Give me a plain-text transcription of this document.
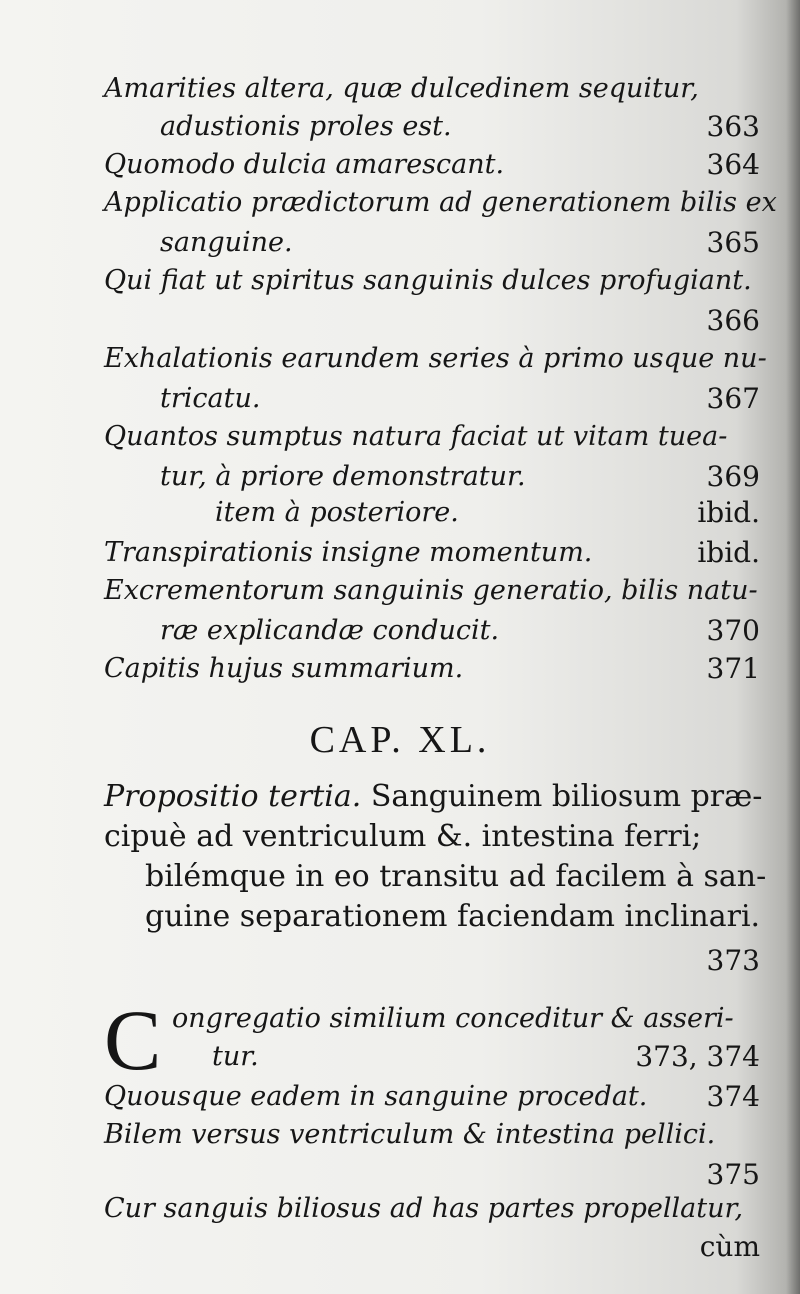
Amarities altera, quæ dulcedinem sequitur,
adustionis proles est.	363
Quomodo dulcia amarescant.	364
Applicatio prædictorum ad generationem bilis ex
sanguine.	365
Qui fiat ut spiritus sanguinis dulces profugiant.
366
Exhalationis earundem series à primo usque nu-
tricatu.	367
Quantos sumptus natura faciat ut vitam tuea-
tur, à priore demonstratur.	369
item à posteriore.	ibid.
Transpirationis insigne momentum.	ibid.
Excrementorum sanguinis generatio, bilis natu-
ræ explicandæ conducit.	370
Capitis hujus summarium.	371
CAP. XL.
Propositio tertia. Sanguinem biliosum præ-
cipuè ad ventriculum &. intestina ferri;
bilémque in eo transitu ad facilem à san-
guine separationem faciendam inclinari.
373
C ongregatio similium conceditur & asseri-
tur.	373, 374
Quousque eadem in sanguine procedat. 374
Bilem versus ventriculum & intestina pellici.
375
Cur sanguis biliosus ad has partes propellatur,
cùm
